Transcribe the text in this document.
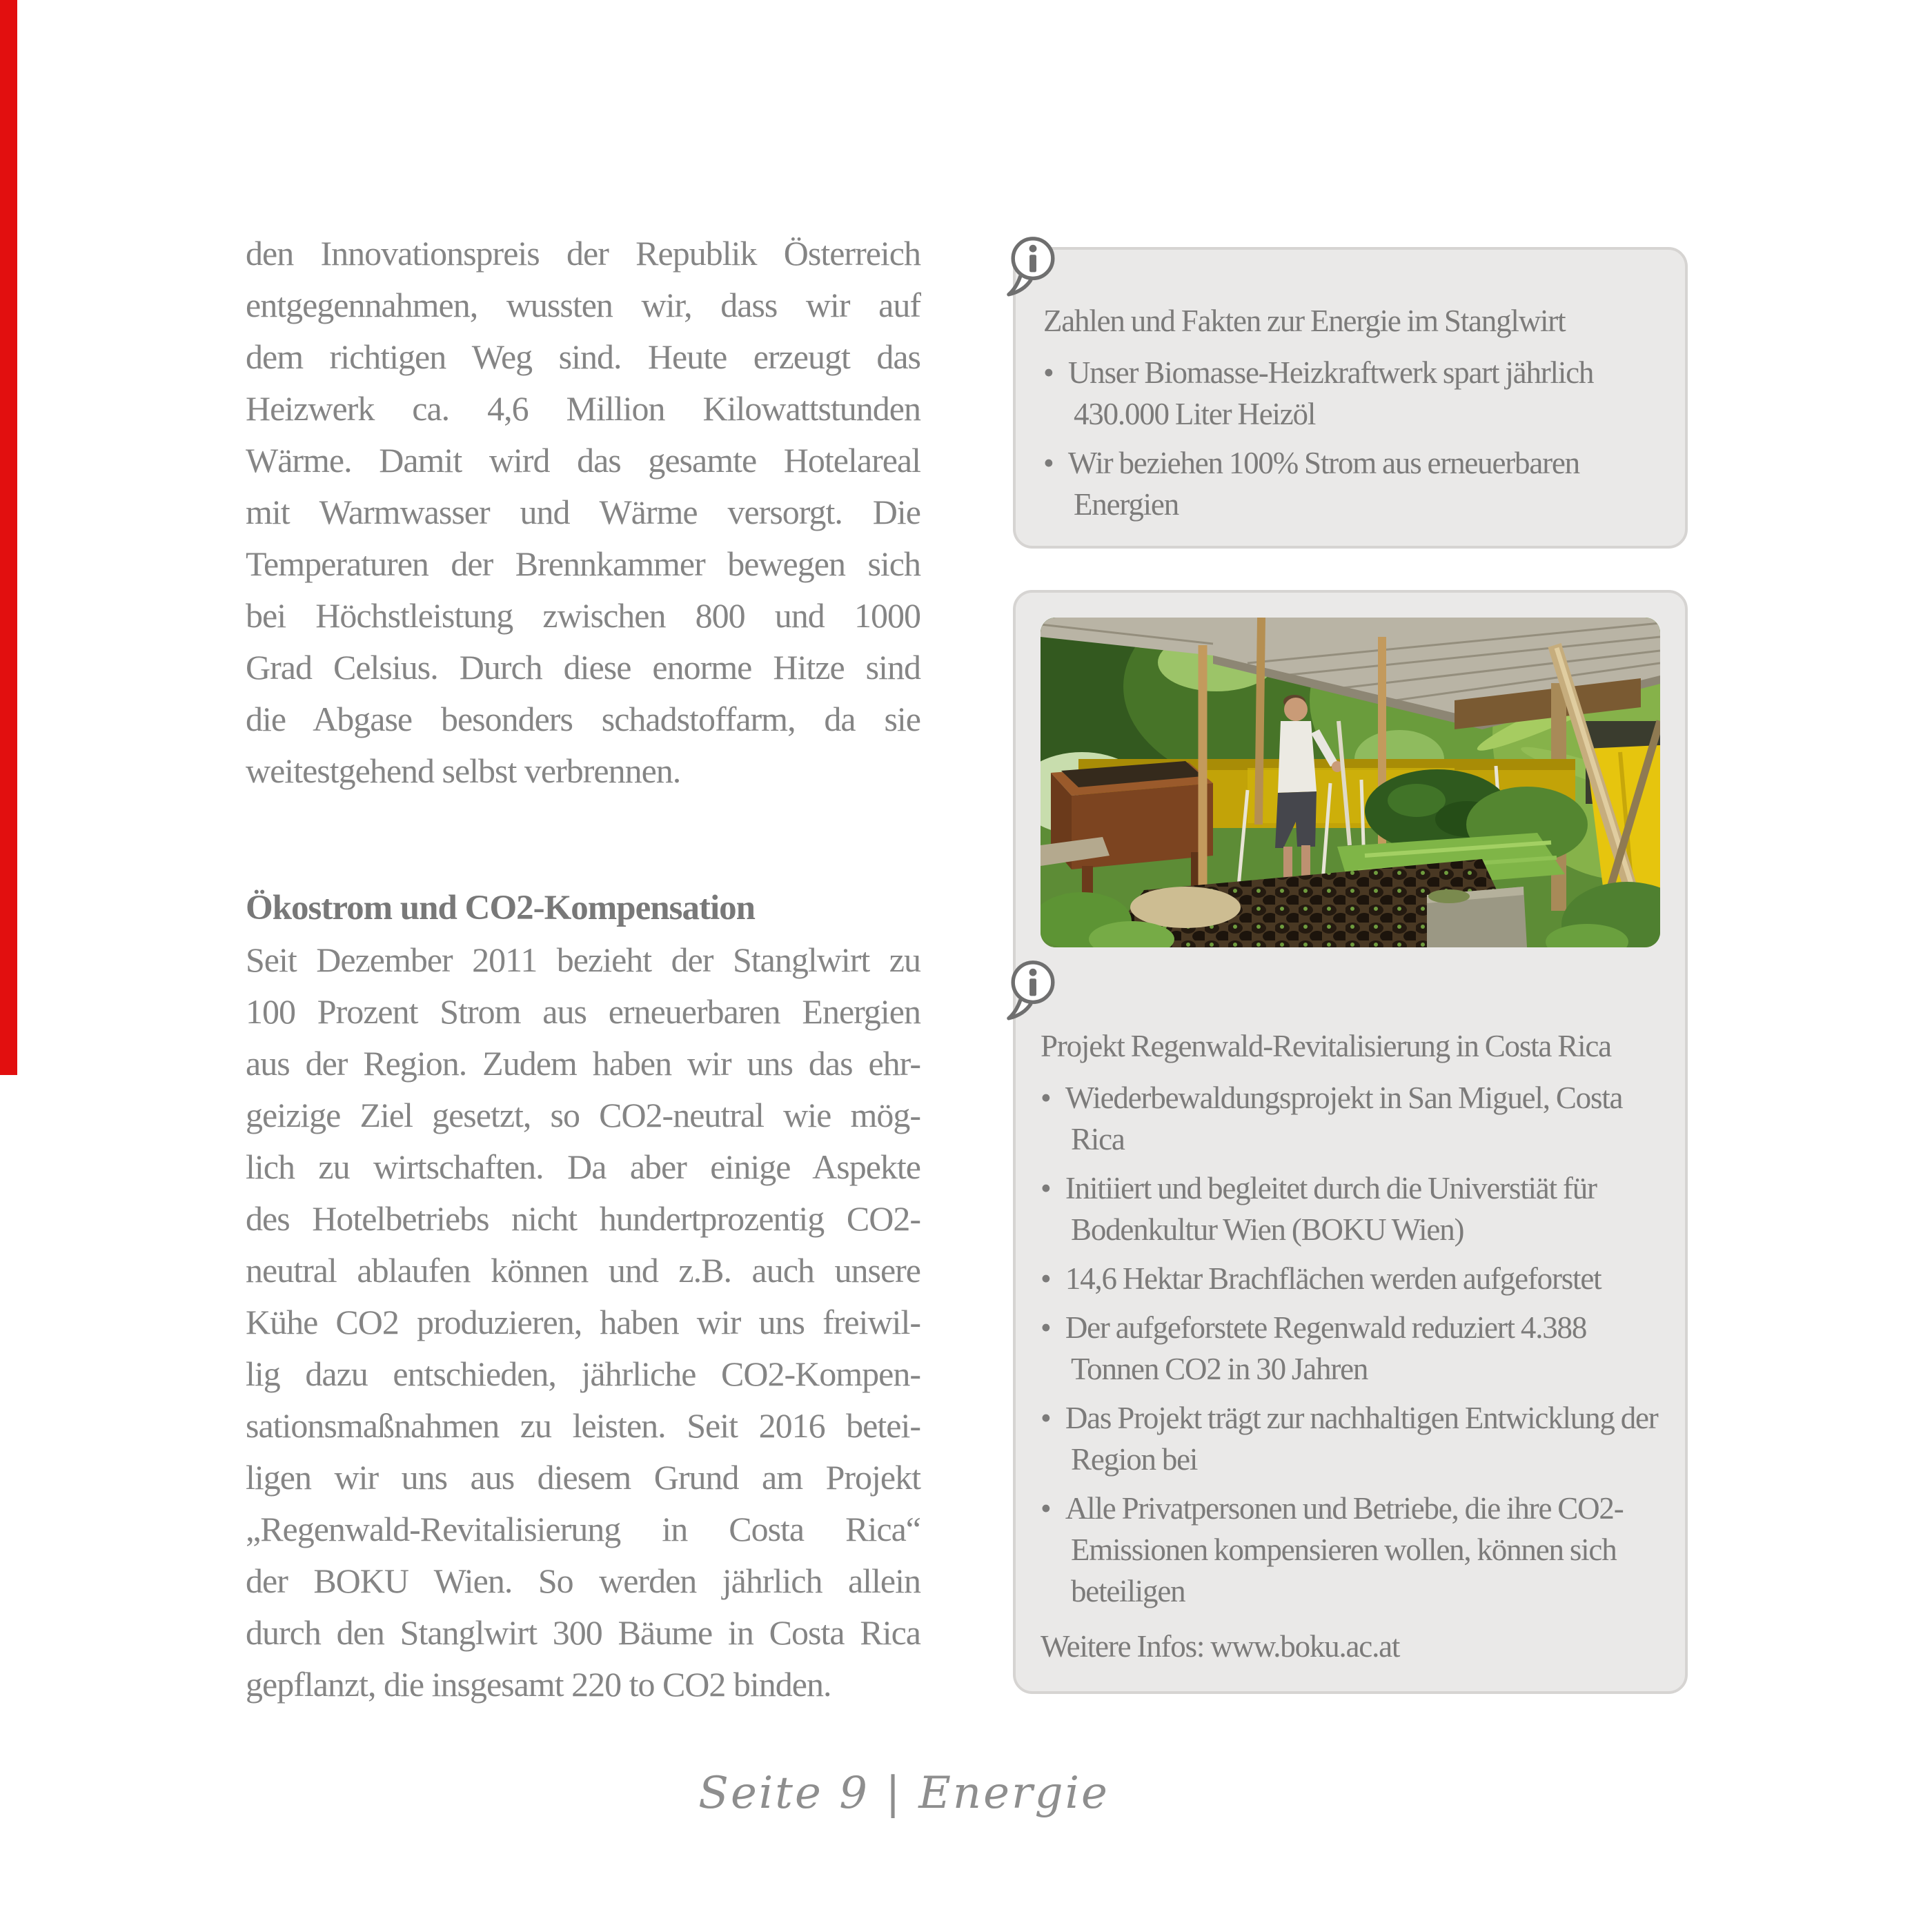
den Innovationspreis der Republik Österreich
entgegennahmen, wussten wir, dass wir auf
dem richtigen Weg sind. Heute erzeugt das
Heizwerk ca. 4,6 Million Kilowattstunden
Wärme. Damit wird das gesamte Hotelareal
mit Warmwasser und Wärme versorgt. Die
Temperaturen der Brennkammer bewegen sich
bei Höchstleistung zwischen 800 und 1000
Grad Celsius. Durch diese enorme Hitze sind
die Abgase besonders schadstoffarm, da sie
weitestgehend selbst verbrennen.
Ökostrom und CO2-Kompensation
Seit Dezember 2011 bezieht der Stanglwirt zu
100 Prozent Strom aus erneuerbaren Energien
aus der Region. Zudem haben wir uns das ehr-
geizige Ziel gesetzt, so CO2-neutral wie mög-
lich zu wirtschaften. Da aber einige Aspekte
des Hotelbetriebs nicht hundertprozentig CO2-
neutral ablaufen können und z.B. auch unsere
Kühe CO2 produzieren, haben wir uns freiwil-
lig dazu entschieden, jährliche CO2-Kompen-
sationsmaßnahmen zu leisten. Seit 2016 betei-
ligen wir uns aus diesem Grund am Projekt
„Regenwald-Revitalisierung in Costa Rica“
der BOKU Wien. So werden jährlich allein
durch den Stanglwirt 300 Bäume in Costa Rica
gepflanzt, die insgesamt 220 to CO2 binden.
Zahlen und Fakten zur Energie im Stanglwirt
• Unser Biomasse-Heizkraftwerk spart jährlich 430.000 Liter Heizöl
• Wir beziehen 100% Strom aus erneuerbaren Energien
Projekt Regenwald-Revitalisierung in Costa Rica
• Wiederbewaldungsprojekt in San Miguel, Costa Rica
• Initiiert und begleitet durch die Universtiät für Bodenkultur Wien (BOKU Wien)
• 14,6 Hektar Brachflächen werden aufgeforstet
• Der aufgeforstete Regenwald reduziert 4.388 Tonnen CO2 in 30 Jahren
• Das Projekt trägt zur nachhaltigen Entwicklung der Region bei
• Alle Privatpersonen und Betriebe, die ihre CO2-Emissionen kompensieren wollen, können sich beteiligen
Weitere Infos: www.boku.ac.at
Seite 9 | Energie
